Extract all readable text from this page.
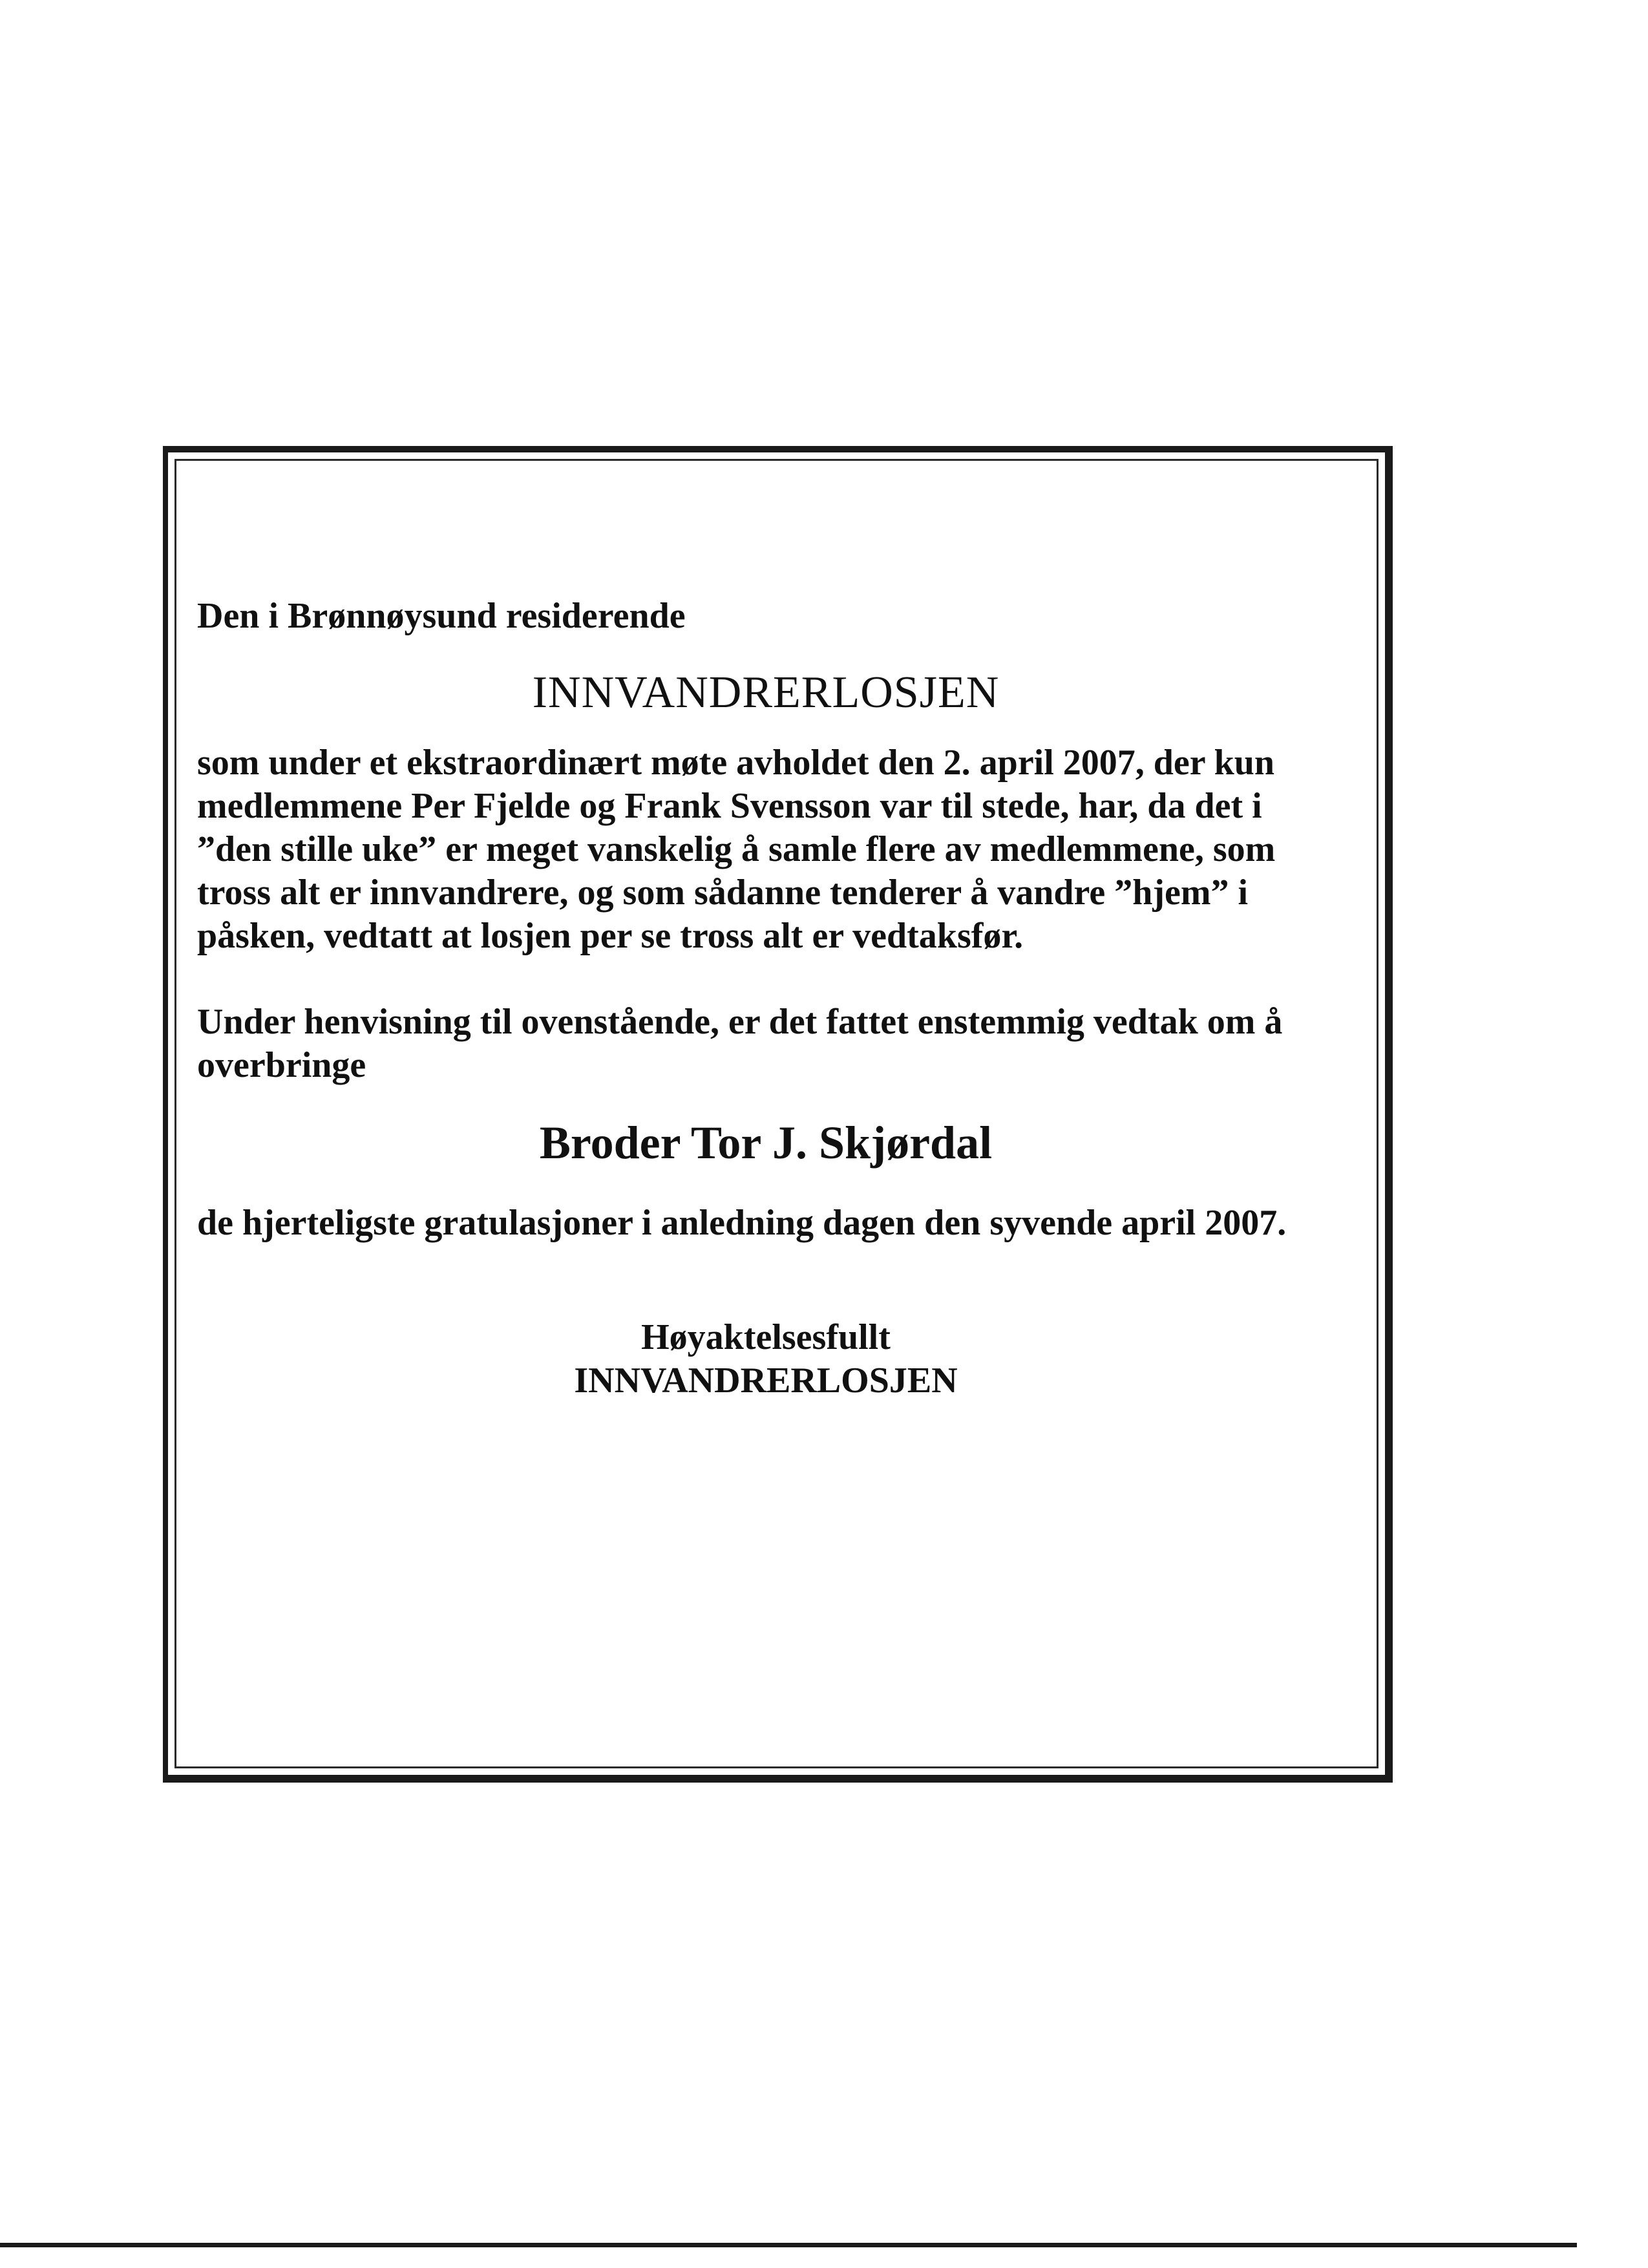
Den i Brønnøysund residerende

INNVANDRERLOSJEN

som under et ekstraordinært møte avholdet den 2. april 2007, der kun

medlemmene Per Fjelde og Frank Svensson var til stede, har, da det i

”den stille uke” er meget vanskelig å samle flere av medlemmene, som

tross alt er innvandrere, og som sådanne tenderer å vandre ”hjem” i

påsken, vedtatt at losjen per se tross alt er vedtaksfør.

Under henvisning til ovenstående, er det fattet enstemmig vedtak om å

overbringe

Broder Tor J. Skjørdal

de hjerteligste gratulasjoner i anledning dagen den syvende april 2007.

Høyaktelsesfullt

INNVANDRERLOSJEN
